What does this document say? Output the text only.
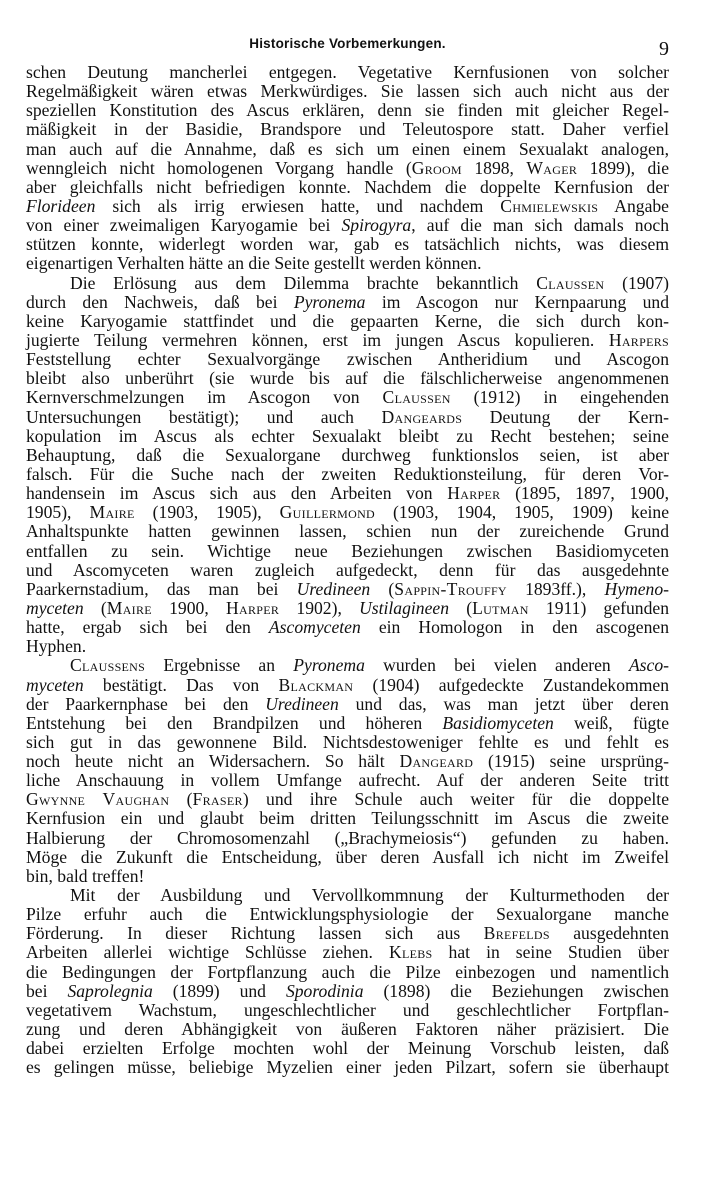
Historische Vorbemerkungen.	9
schen Deutung mancherlei entgegen. Vegetative Kernfusionen von solcher
Regelmäßigkeit wären etwas Merkwürdiges. Sie lassen sich auch nicht aus der
speziellen Konstitution des Ascus erklären, denn sie finden mit gleicher Regel-
mäßigkeit in der Basidie, Brandspore und Teleutospore statt. Daher verfiel
man auch auf die Annahme, daß es sich um einen einem Sexualakt analogen,
wenngleich nicht homologenen Vorgang handle (Groom 1898, Wager 1899), die
aber gleichfalls nicht befriedigen konnte. Nachdem die doppelte Kernfusion der
Florideen sich als irrig erwiesen hatte, und nachdem Chmielewskis Angabe
von einer zweimaligen Karyogamie bei Spirogyra, auf die man sich damals noch
stützen konnte, widerlegt worden war, gab es tatsächlich nichts, was diesem
eigenartigen Verhalten hätte an die Seite gestellt werden können.
Die Erlösung aus dem Dilemma brachte bekanntlich Claussen (1907)
durch den Nachweis, daß bei Pyronema im Ascogon nur Kernpaarung und
keine Karyogamie stattfindet und die gepaarten Kerne, die sich durch kon-
jugierte Teilung vermehren können, erst im jungen Ascus kopulieren. Harpers
Feststellung echter Sexualvorgänge zwischen Antheridium und Ascogon
bleibt also unberührt (sie wurde bis auf die fälschlicherweise angenommenen
Kernverschmelzungen im Ascogon von Claussen (1912) in eingehenden
Untersuchungen bestätigt); und auch Dangeards Deutung der Kern-
kopulation im Ascus als echter Sexualakt bleibt zu Recht bestehen; seine
Behauptung, daß die Sexualorgane durchweg funktionslos seien, ist aber
falsch. Für die Suche nach der zweiten Reduktionsteilung, für deren Vor-
handensein im Ascus sich aus den Arbeiten von Harper (1895, 1897, 1900,
1905), Maire (1903, 1905), Guillermond (1903, 1904, 1905, 1909) keine
Anhaltspunkte hatten gewinnen lassen, schien nun der zureichende Grund
entfallen zu sein. Wichtige neue Beziehungen zwischen Basidiomyceten
und Ascomyceten waren zugleich aufgedeckt, denn für das ausgedehnte
Paarkernstadium, das man bei Uredineen (Sappin-Trouffy 1893ff.), Hymeno-
myceten (Maire 1900, Harper 1902), Ustilagineen (Lutman 1911) gefunden
hatte, ergab sich bei den Ascomyceten ein Homologon in den ascogenen
Hyphen.
Claussens Ergebnisse an Pyronema wurden bei vielen anderen Asco-
myceten bestätigt. Das von Blackman (1904) aufgedeckte Zustandekommen
der Paarkernphase bei den Uredineen und das, was man jetzt über deren
Entstehung bei den Brandpilzen und höheren Basidiomyceten weiß, fügte
sich gut in das gewonnene Bild. Nichtsdestoweniger fehlte es und fehlt es
noch heute nicht an Widersachern. So hält Dangeard (1915) seine ursprüng-
liche Anschauung in vollem Umfange aufrecht. Auf der anderen Seite tritt
Gwynne Vaughan (Fraser) und ihre Schule auch weiter für die doppelte
Kernfusion ein und glaubt beim dritten Teilungsschnitt im Ascus die zweite
Halbierung der Chromosomenzahl („Brachymeiosis“) gefunden zu haben.
Möge die Zukunft die Entscheidung, über deren Ausfall ich nicht im Zweifel
bin, bald treffen!
Mit der Ausbildung und Vervollkommnung der Kulturmethoden der
Pilze erfuhr auch die Entwicklungsphysiologie der Sexualorgane manche
Förderung. In dieser Richtung lassen sich aus Brefelds ausgedehnten
Arbeiten allerlei wichtige Schlüsse ziehen. Klebs hat in seine Studien über
die Bedingungen der Fortpflanzung auch die Pilze einbezogen und namentlich
bei Saprolegnia (1899) und Sporodinia (1898) die Beziehungen zwischen
vegetativem Wachstum, ungeschlechtlicher und geschlechtlicher Fortpflan-
zung und deren Abhängigkeit von äußeren Faktoren näher präzisiert. Die
dabei erzielten Erfolge mochten wohl der Meinung Vorschub leisten, daß
es gelingen müsse, beliebige Myzelien einer jeden Pilzart, sofern sie überhaupt
